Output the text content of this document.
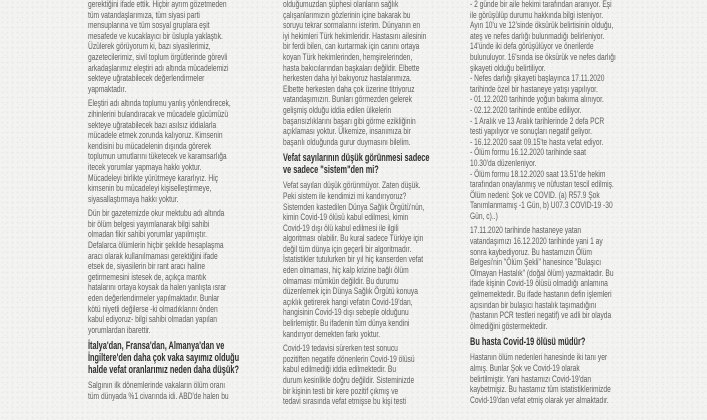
gerektiğini ifade ettik. Hiçbir ayrım gözetmeden
tüm vatandaşlarımıza, tüm siyasi parti
mensuplarına ve tüm sosyal gruplara eşit
mesafede ve kucaklayıcı bir üslupla yaklaştık.
Üzülerek görüyorum ki, bazı siyasilerimiz,
gazetecilerimiz, sivil toplum örgütlerinde görevli
arkadaşlarımız eleştiri adı altında mücadelemizi
sekteye uğratabilecek değerlendirmeler
yapmaktadır.
Eleştiri adı altında toplumu yanlış yönlendirecek,
zihinlerini bulandıracak ve mücadele gücümüzü
sekteye uğratabilecek bazı asılsız iddialarla
mücadele etmek zorunda kalıyoruz. Kimsenin
kendisini bu mücadelenin dışında görerek
toplumun umutlarını tüketecek ve karamsarlığa
itecek yorumlar yapmaya hakkı yoktur.
Mücadeleyi birlikte yürütmeye kararlıyız. Hiç
kimsenin bu mücadeleyi kişiselleştirmeye,
siyasallaştırmaya hakkı yoktur.
Dün bir gazetemizde okur mektubu adı altında
bir ölüm belgesi yayımlanarak bilgi sahibi
olmadan fikir sahibi yorumlar yapılmıştır.
Defalarca ölümlerin hiçbir şekilde hesaplaşma
aracı olarak kullanılmaması gerektiğini ifade
etsek de, siyasilerin bir rant aracı haline
getirmemesini istesek de, açıkça mantık
hatalarını ortaya koysak da halen yanlışta ısrar
eden değerlendirmeler yapılmaktadır. Bunlar
kötü niyetli değilerse -ki olmadıklarını önden
kabul ediyoruz- bilgi sahibi olmadan yapılan
yorumlardan ibarettir.
İtalya'dan, Fransa'dan, Almanya'dan ve
İngiltere'den daha çok vaka sayımız olduğu
halde vefat oranlarımız neden daha düşük?
Salgının ilk dönemlerinde vakaların ölüm oranı
tüm dünyada %1 civarında idi. ABD'de halen bu
olduğumuzdan şüphesi olanların sağlık
çalışanlarımızın gözlerinin içine bakarak bu
soruyu tekrar sormalarını isterim. Dünyanın en
iyi hekimleri Türk hekimleridir. Hastasını ailesinin
bir ferdi bilen, can kurtarmak için canını ortaya
koyan Türk hekimlerinden, hemşirelerinden,
hasta bakıcılarından başkaları değildir. Elbette
herkesten daha iyi bakıyoruz hastalarımıza.
Elbette herkesten daha çok üzerine titriyoruz
vatandaşımızın. Bunları görmezden gelerek
gelişmiş olduğu iddia edilen ülkelerin
başarısızlıklarını başarı gibi görme ezikliğinin
açıklaması yoktur. Ülkemize, insanımıza bir
başarılı olduğunda gurur duymasını bilelim.
Vefat sayılarının düşük görünmesi sadece
ve sadece "sistem"den mi?
Vefat sayıları düşük görünmüyor. Zaten düşük.
Peki sistem ile kendimizi mi kandırıyoruz?
Sistemden kastedilen Dünya Sağlık Örgütü'nün,
kimin Covid-19 ölüsü kabul edilmesi, kimin
Covid-19 dışı ölü kabul edilmesi ile ilgili
algoritması olabilir. Bu kural sadece Türkiye için
değil tüm dünya için geçerli bir algoritmadır.
İstatistikler tutulurken bir yıl hiç kanserden vefat
eden olmaması, hiç kalp krizine bağlı ölüm
olmaması mümkün değildir. Bu durumu
düzenlemek için Dünya Sağlık Örgütü konuya
açıklık getirerek hangi vefatın Covid-19'dan,
hangisinin Covid-19 dışı sebeple olduğunu
belirlemiştir. Bu ifadenin tüm dünya kendini
kandırıyor demekten farkı yoktur.
Covid-19 tedavisi sürerken test sonucu
pozitiften negatife dönenlerin Covid-19 ölüsü
kabul edilmediği iddia edilmektedir. Bu
durum kesinlikle doğru değildir. Sisteminizde
bir kişinin testi bir kere pozitif çıkmış ve
tedavi sırasında vefat etmişse bu kişi testi
- 2 günde bir aile hekimi tarafından aranıyor. Eşi
ile görüşülüp durumu hakkında bilgi isteniyor.
Ayın 10'u ve 12'sinde öksürük belirtisinin olduğu,
ateş ve nefes darlığı bulunmadığı belirleniyor.
14'ünde iki defa görüşülüyor ve önerilerde
bulunuluyor. 16'sında ise öksürük ve nefes darlığı
şikayeti olduğu belirtiliyor.
- Nefes darlığı şikayeti başlayınca 17.11.2020
tarihinde özel bir hastaneye yatışı yapılıyor.
- 01.12.2020 tarihinde yoğun bakıma alınıyor.
- 02.12.2020 tarihinde entübe ediliyor.
- 1 Aralık ve 13 Aralık tarihlerinde 2 defa PCR
testi yapılıyor ve sonuçları negatif geliyor.
- 16.12.2020 saat 09.15'te hasta vefat ediyor.
- Ölüm formu 16.12.2020 tarihinde saat
10.30'da düzenleniyor.
- Ölüm formu 18.12.2020 saat 13.51'de hekim
tarafından onaylanmış ve nüfustan tescil edilmiş.
Ölüm nedeni: Şok ve COVID. (a) R57.9 Şok
Tanımlanmamış -1 Gün, b) U07.3 COVID-19 -30
Gün, c)..)
17.11.2020 tarihinde hastaneye yatan
vatandaşımızı 16.12.2020 tarihinde yani 1 ay
sonra kaybediyoruz. Bu hastamızın Ölüm
Belgesi'nin "Ölüm Şekli" hanesince "Bulaşıcı
Olmayan Hastalık" (doğal ölüm) yazmaktadır. Bu
ifade kişinin Covid-19 ölüsü olmadığı anlamına
gelmemektedir. Bu ifade hastanın defin işlemleri
açısından bir bulaşıcı hastalık taşımadığını
(hastanın PCR testleri negatif) ve adli bir olayda
ölmediğini göstermektedir.
Bu hasta Covid-19 ölüsü müdür?
Hastanın ölüm nedenleri hanesinde iki tanı yer
almış. Bunlar Şok ve Covid-19 olarak
belirtilmiştir. Yani hastamızı Covid-19'dan
kaybetmişiz. Bu hastamız tüm istatistiklerimizde
Covid-19'dan vefat etmiş olarak yer almaktadır.
